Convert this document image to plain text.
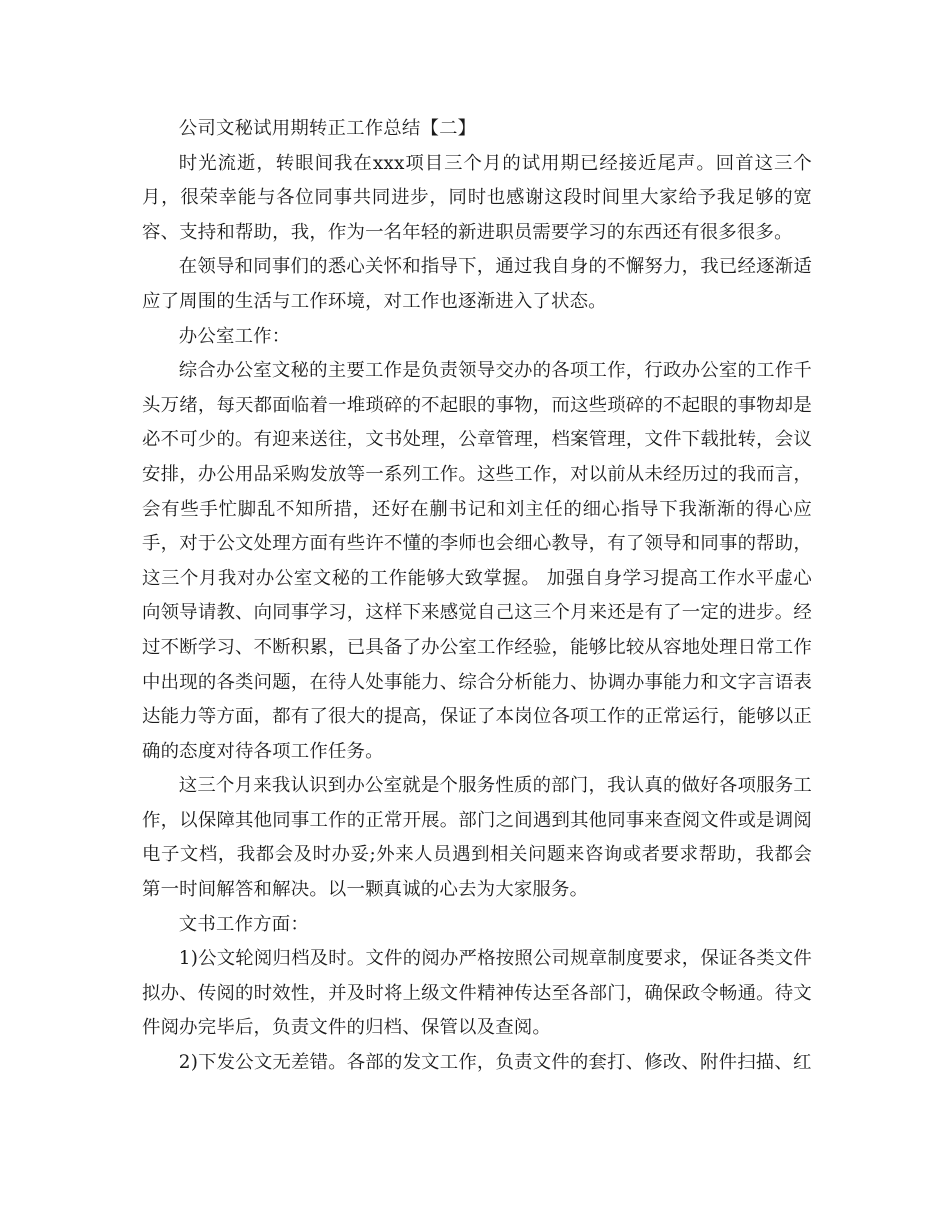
公司文秘试用期转正工作总结【二】

时光流逝，转眼间我在xxx项目三个月的试用期已经接近尾声。回首这三个月，很荣幸能与各位同事共同进步，同时也感谢这段时间里大家给予我足够的宽容、支持和帮助，我，作为一名年轻的新进职员需要学习的东西还有很多很多。

在领导和同事们的悉心关怀和指导下，通过我自身的不懈努力，我已经逐渐适应了周围的生活与工作环境，对工作也逐渐进入了状态。

办公室工作：

综合办公室文秘的主要工作是负责领导交办的各项工作，行政办公室的工作千头万绪，每天都面临着一堆琐碎的不起眼的事物，而这些琐碎的不起眼的事物却是必不可少的。有迎来送往，文书处理，公章管理，档案管理，文件下载批转，会议安排，办公用品采购发放等一系列工作。这些工作，对以前从未经历过的我而言，会有些手忙脚乱不知所措，还好在蒯书记和刘主任的细心指导下我渐渐的得心应手，对于公文处理方面有些许不懂的李师也会细心教导，有了领导和同事的帮助，这三个月我对办公室文秘的工作能够大致掌握。 加强自身学习提高工作水平虚心向领导请教、向同事学习，这样下来感觉自己这三个月来还是有了一定的进步。经过不断学习、不断积累，已具备了办公室工作经验，能够比较从容地处理日常工作中出现的各类问题，在待人处事能力、综合分析能力、协调办事能力和文字言语表达能力等方面，都有了很大的提高，保证了本岗位各项工作的正常运行，能够以正确的态度对待各项工作任务。

这三个月来我认识到办公室就是个服务性质的部门，我认真的做好各项服务工作，以保障其他同事工作的正常开展。部门之间遇到其他同事来查阅文件或是调阅电子文档，我都会及时办妥;外来人员遇到相关问题来咨询或者要求帮助，我都会第一时间解答和解决。以一颗真诚的心去为大家服务。

文书工作方面：

1)公文轮阅归档及时。文件的阅办严格按照公司规章制度要求，保证各类文件拟办、传阅的时效性，并及时将上级文件精神传达至各部门，确保政令畅通。待文件阅办完毕后，负责文件的归档、保管以及查阅。

2)下发公文无差错。各部的发文工作，负责文件的套打、修改、附件扫描、红
